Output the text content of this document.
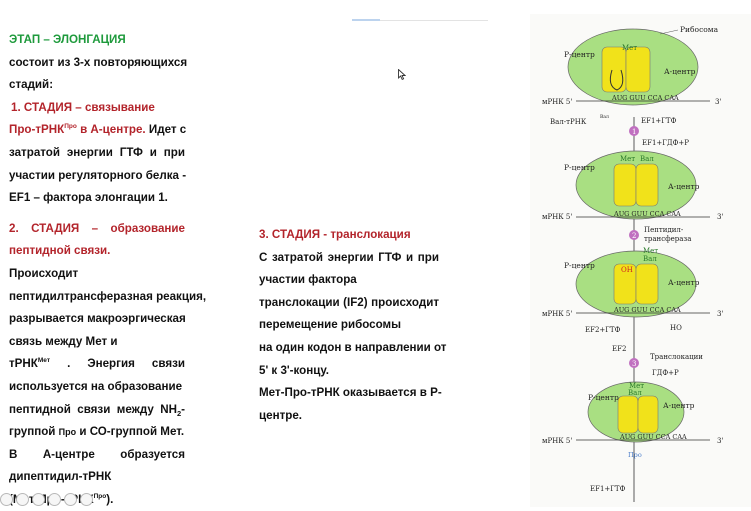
ЭТАП – ЭЛОНГАЦИЯ

состоит из 3-х повторяющихся

стадий:

1. СТАДИЯ – связывание

Про-тРНК$^{Про}$ в А-центре. Идет с

затратой энергии ГТФ и при

участии регуляторного белка -

EF1 – фактора элонгации 1.

2. СТАДИЯ – образование

пептидной связи.

Происходит

пептидилтрансферазная реакция,

разрывается макроэргическая

связь между Мет и

тРНК$^{Мет}$ . Энергия связи

используется на образование

пептидной связи между $NH_2-$

группой Про и СО-группой Мет.

В А-центре образуется

дипептидил-тРНК

$^{Про}$).

3. СТАДИЯ - транслокация

С затратой энергии ГТФ и при

участии фактора

транслокации (IF2) происходит

перемещение рибосомы

на один кодон в направлении от

5' к 3'-концу.

Мет-Про-тРНК оказывается в Р-

центре.

Мет
Рибосома
Р-центр
А-центр
мРНК 5'	AUG GUU CCA CAA	3'
Вал-тРНК
Вал	EF1+ГТФ
1
EF1+ГДФ+P
Мет Вал
Р-центр
А-центр
мРНК 5'	AUG GUU CCA CAA	3'
2
Пептидил-
трансфераза
OH
Мет
Вал
Р-центр
А-центр
мРНК 5'	AUG GUU CCA CAA	3'
EF2+ГТФ	HO
EF2
3
Транслокации
ГДФ+Р
Мет
Вал
Р-центр
А-центр
мРНК 5'	AUG GUU CCA CAA	3'
Про
EF1+ГТФ
